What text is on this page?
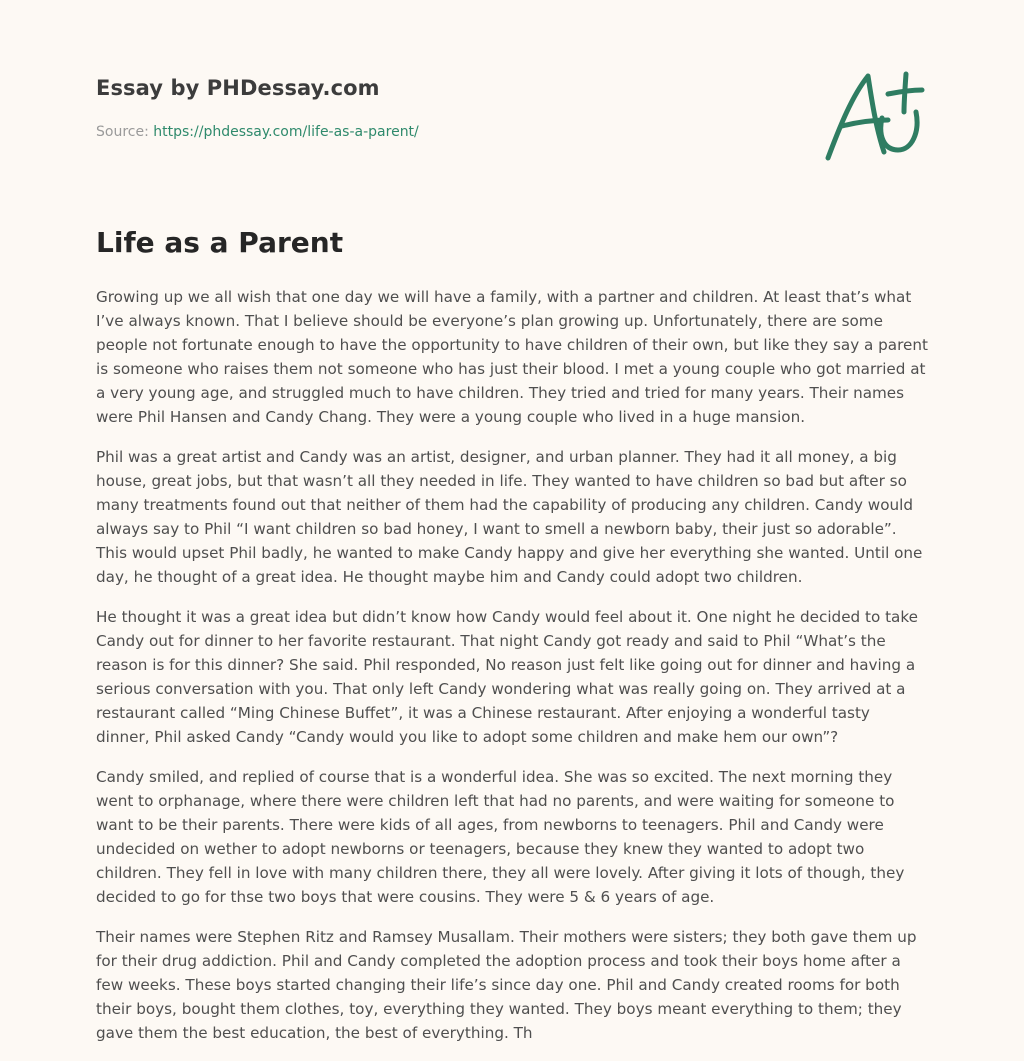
Essay by PHDessay.com
Source: https://phdessay.com/life-as-a-parent/
Life as a Parent

Growing up we all wish that one day we will have a family, with a partner and children. At least that’s what I’ve always known. That I believe should be everyone’s plan growing up. Unfortunately, there are some people not fortunate enough to have the opportunity to have children of their own, but like they say a parent is someone who raises them not someone who has just their blood. I met a young couple who got married at a very young age, and struggled much to have children. They tried and tried for many years. Their names were Phil Hansen and Candy Chang. They were a young couple who lived in a huge mansion.

Phil was a great artist and Candy was an artist, designer, and urban planner. They had it all money, a big house, great jobs, but that wasn’t all they needed in life. They wanted to have children so bad but after so many treatments found out that neither of them had the capability of producing any children. Candy would always say to Phil “I want children so bad honey, I want to smell a newborn baby, their just so adorable”. This would upset Phil badly, he wanted to make Candy happy and give her everything she wanted. Until one day, he thought of a great idea. He thought maybe him and Candy could adopt two children.

He thought it was a great idea but didn’t know how Candy would feel about it. One night he decided to take Candy out for dinner to her favorite restaurant. That night Candy got ready and said to Phil “What’s the reason is for this dinner? She said. Phil responded, No reason just felt like going out for dinner and having a serious conversation with you. That only left Candy wondering what was really going on. They arrived at a restaurant called “Ming Chinese Buffet”, it was a Chinese restaurant. After enjoying a wonderful tasty dinner, Phil asked Candy “Candy would you like to adopt some children and make hem our own”?

Candy smiled, and replied of course that is a wonderful idea. She was so excited. The next morning they went to orphanage, where there were children left that had no parents, and were waiting for someone to want to be their parents. There were kids of all ages, from newborns to teenagers. Phil and Candy were undecided on wether to adopt newborns or teenagers, because they knew they wanted to adopt two children. They fell in love with many children there, they all were lovely. After giving it lots of though, they decided to go for thse two boys that were cousins. They were 5 & 6 years of age.

Their names were Stephen Ritz and Ramsey Musallam. Their mothers were sisters; they both gave them up for their drug addiction. Phil and Candy completed the adoption process and took their boys home after a few weeks. These boys started changing their life’s since day one. Phil and Candy created rooms for both their boys, bought them clothes, toy, everything they wanted. They boys meant everything to them; they gave them the best education, the best of everything. Th
